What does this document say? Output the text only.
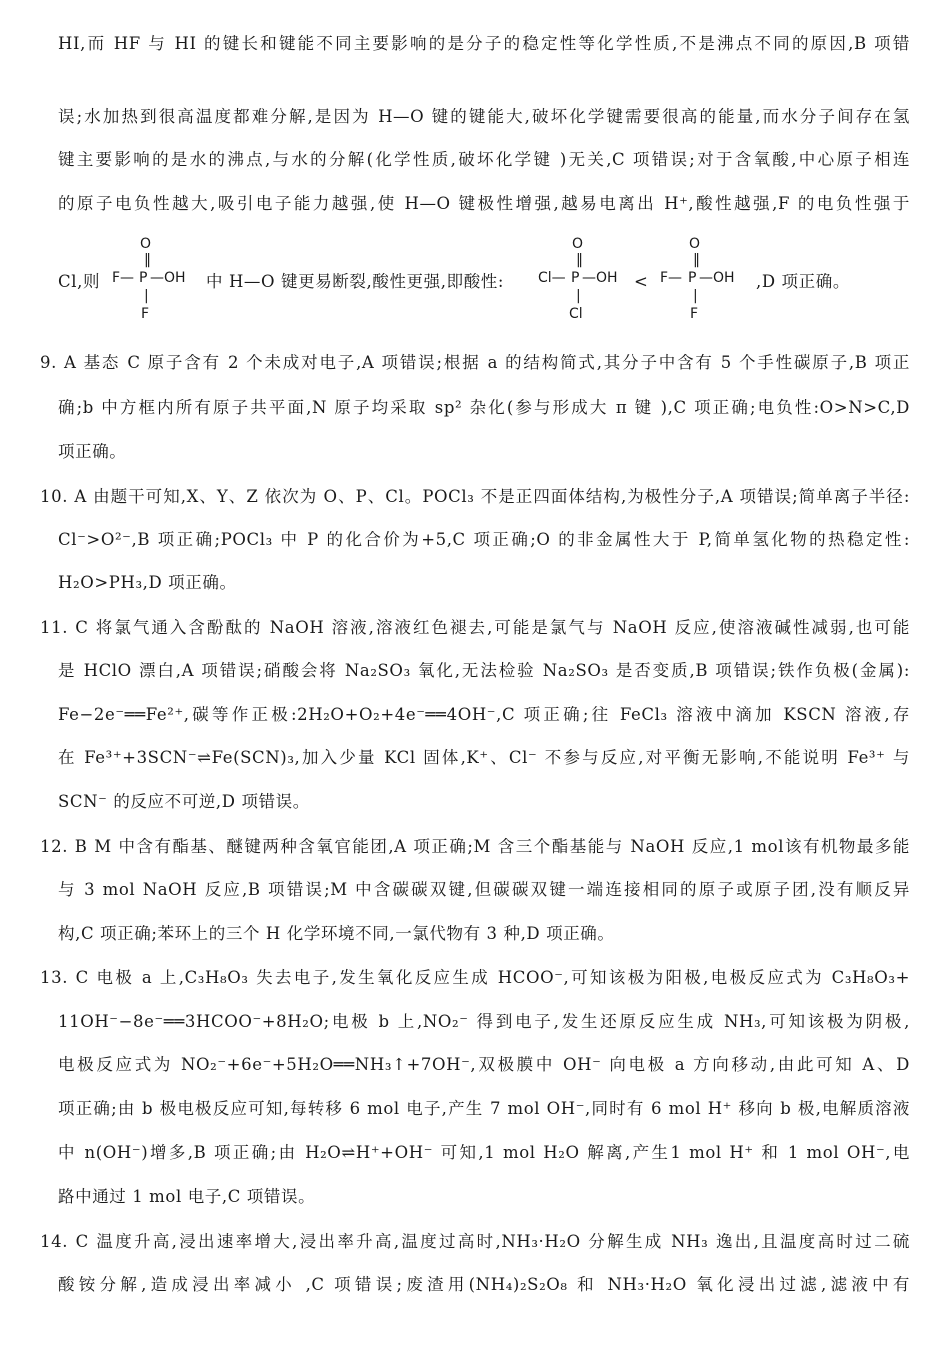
HI,而 HF 与 HI 的键长和键能不同主要影响的是分子的稳定性等化学性质,不是沸点不同的原因,B 项错
误;水加热到很高温度都难分解,是因为 H—O 键的键能大,破坏化学键需要很高的能量,而水分子间存在氢
键主要影响的是水的沸点,与水的分解(化学性质,破坏化学键 )无关,C 项错误;对于含氧酸,中心原子相连
的原子电负性越大,吸引电子能力越强,使 H—O 键极性增强,越易电离出 H⁺,酸性越强,F 的电负性强于
Cl,则
O
‖
F— P —OH
|
F
中 H—O 键更易断裂,酸性更强,即酸性:
O
‖
Cl— P —OH
|
Cl
<
O
‖
F— P —OH
|
F
,D 项正确。
9. A 基态 C 原子含有 2 个未成对电子,A 项错误;根据 a 的结构简式,其分子中含有 5 个手性碳原子,B 项正
确;b 中方框内所有原子共平面,N 原子均采取 sp² 杂化(参与形成大 π 键 ),C 项正确;电负性:O>N>C,D
项正确。
10. A 由题干可知,X、Y、Z 依次为 O、P、Cl。POCl₃ 不是正四面体结构,为极性分子,A 项错误;简单离子半径:
Cl⁻>O²⁻,B 项正确;POCl₃ 中 P 的化合价为+5,C 项正确;O 的非金属性大于 P,简单氢化物的热稳定性:
H₂O>PH₃,D 项正确。
11. C 将氯气通入含酚酞的 NaOH 溶液,溶液红色褪去,可能是氯气与 NaOH 反应,使溶液碱性减弱,也可能
是 HClO 漂白,A 项错误;硝酸会将 Na₂SO₃ 氧化,无法检验 Na₂SO₃ 是否变质,B 项错误;铁作负极(金属):
Fe−2e⁻══Fe²⁺,碳等作正极:2H₂O+O₂+4e⁻══4OH⁻,C 项正确;往 FeCl₃ 溶液中滴加 KSCN 溶液,存
在 Fe³⁺+3SCN⁻⇌Fe(SCN)₃,加入少量 KCl 固体,K⁺、Cl⁻ 不参与反应,对平衡无影响,不能说明 Fe³⁺ 与
SCN⁻ 的反应不可逆,D 项错误。
12. B M 中含有酯基、醚键两种含氧官能团,A 项正确;M 含三个酯基能与 NaOH 反应,1 mol该有机物最多能
与 3 mol NaOH 反应,B 项错误;M 中含碳碳双键,但碳碳双键一端连接相同的原子或原子团,没有顺反异
构,C 项正确;苯环上的三个 H 化学环境不同,一氯代物有 3 种,D 项正确。
13. C 电极 a 上,C₃H₈O₃ 失去电子,发生氧化反应生成 HCOO⁻,可知该极为阳极,电极反应式为 C₃H₈O₃+
11OH⁻−8e⁻══3HCOO⁻+8H₂O;电极 b 上,NO₂⁻ 得到电子,发生还原反应生成 NH₃,可知该极为阴极,
电极反应式为 NO₂⁻+6e⁻+5H₂O══NH₃↑+7OH⁻,双极膜中 OH⁻ 向电极 a 方向移动,由此可知 A、D
项正确;由 b 极电极反应可知,每转移 6 mol 电子,产生 7 mol OH⁻,同时有 6 mol H⁺ 移向 b 极,电解质溶液
中 n(OH⁻)增多,B 项正确;由 H₂O⇌H⁺+OH⁻ 可知,1 mol H₂O 解离,产生1 mol H⁺ 和 1 mol OH⁻,电
路中通过 1 mol 电子,C 项错误。
14. C 温度升高,浸出速率增大,浸出率升高,温度过高时,NH₃·H₂O 分解生成 NH₃ 逸出,且温度高时过二硫
酸铵分解,造成浸出率减小 ,C 项错误;废渣用(NH₄)₂S₂O₈ 和 NH₃·H₂O 氧化浸出过滤,滤液中有
